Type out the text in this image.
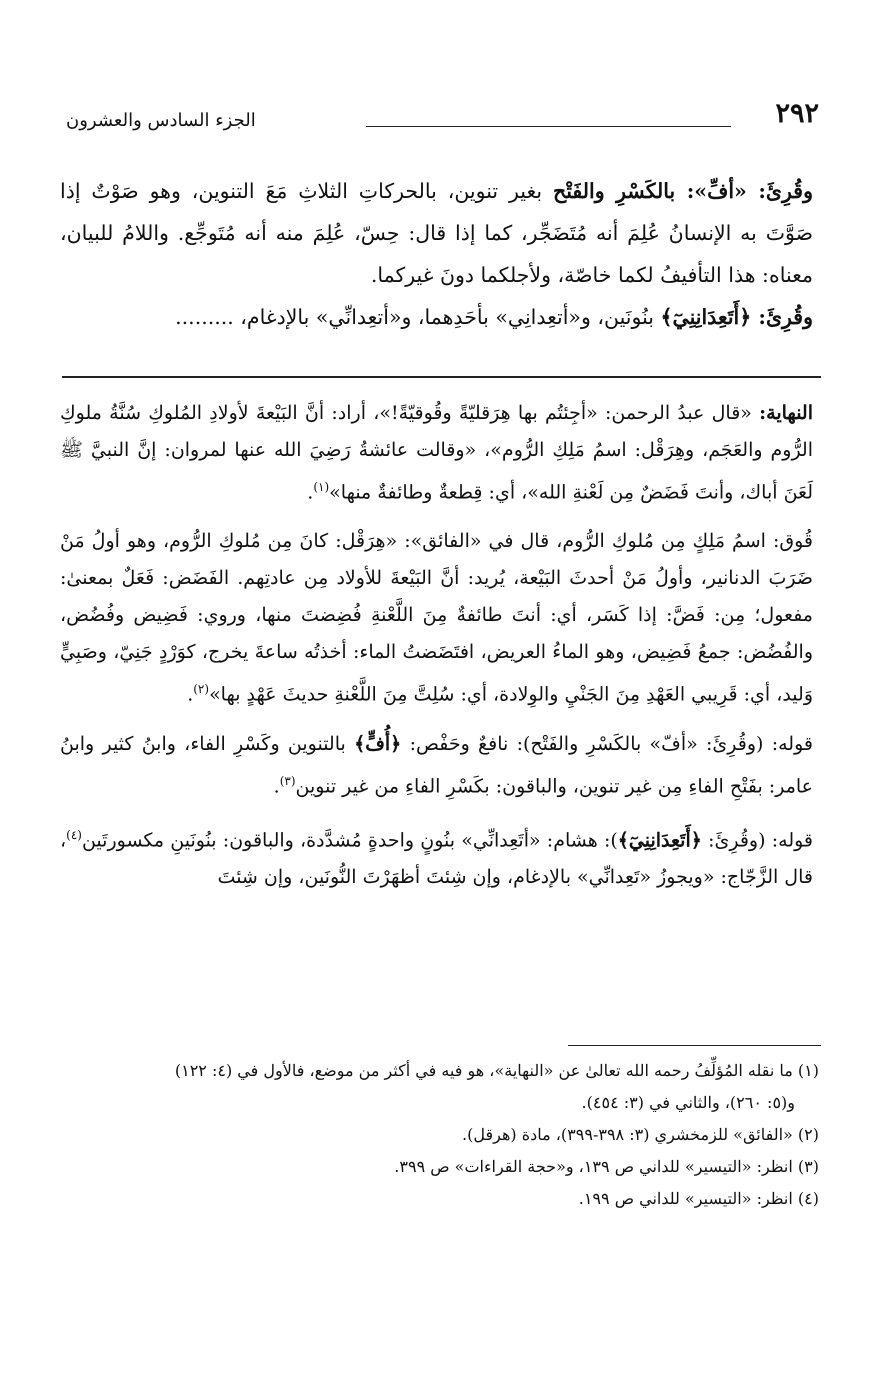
٢٩٢
الجزء السادس والعشرون

وقُرِئَ: «أفِّ»: بالكَسْرِ والفَتْح بغير تنوين، بالحركاتِ الثلاثِ مَعَ التنوين، وهو صَوْتٌ إذا صَوَّتَ به الإنسانُ عُلِمَ أنه مُتَضَجِّر، كما إذا قال: حِسّ، عُلِمَ منه أنه مُتَوجِّع. واللامُ للبيان، معناه: هذا التأفيفُ لكما خاصّة، ولأجلكما دونَ غيركما.

وقُرِئَ: ﴿أَتَعِدَانِنِيٓ﴾ بنُونَين، و«أتعِدانِي» بأحَدِهما، و«أتعِدانِّي» بالإدغام، .........

النهاية: «قال عبدُ الرحمن: «أجِئتُم بها هِرَقليّةً وقُوقيّةً!»، أراد: أنَّ البَيْعةَ لأولادِ المُلوكِ سُنَّةُ ملوكِ الرُّوم والعَجَم، وهِرَقْل: اسمُ مَلِكِ الرُّوم»، «وقالت عائشةُ رَضِيَ الله عنها لمروان: إنَّ النبيَّ ﷺ لَعَنَ أباك، وأنتَ فَضَضٌ مِن لَعْنةِ الله»، أي: قِطعةٌ وطائفةٌ منها»$^{(١)}$.

قُوق: اسمُ مَلِكٍ مِن مُلوكِ الرُّوم، قال في «الفائق»: «هِرَقْل: كانَ مِن مُلوكِ الرُّوم، وهو أولُ مَنْ ضَرَبَ الدنانير، وأولُ مَنْ أحدثَ البَيْعة، يُريد: أنَّ البَيْعةَ للأولاد مِن عادتِهم. الفَضَض: فَعَلٌ بمعنىٰ: مفعول؛ مِن: فَضَّ: إذا كَسَر، أي: أنتَ طائفةٌ مِنَ اللَّعْنةِ فُضِضتَ منها، وروي: فَضِيض وفُضُض، والفُضُض: جمعُ فَضِيض، وهو الماءُ العريض، افتَضَضتُ الماء: أخذتُه ساعةَ يخرج، كوَرْدٍ جَنِيّ، وصَبِيٍّ وَليد، أي: قَرِيبي العَهْدِ مِنَ الجَنْيِ والوِلادة، أي: سُلِتَّ مِنَ اللَّعْنةِ حديثَ عَهْدٍ بها»$^{(٢)}$.

قوله: (وقُرِئَ: «أفّ» بالكَسْرِ والفَتْح): نافعٌ وحَفْص: ﴿أُفٍّ﴾ بالتنوين وكَسْرِ الفاء، وابنُ كثير وابنُ عامر: بفَتْحِ الفاءِ مِن غير تنوين، والباقون: بكَسْرِ الفاءِ من غير تنوين$^{(٣)}$.

قوله: (وقُرِئَ: ﴿أَتَعِدَانِنِيٓ﴾): هشام: «أتَعِدانِّي» بنُونٍ واحدةٍ مُشدَّدة، والباقون: بنُونَينِ مكسورتَين$^{(٤)}$، قال الزَّجّاج: «ويجوزُ «تَعِدانِّي» بالإدغام، وإن شِئتَ أظهَرْتَ النُّونَين، وإن شِئتَ

(١) ما نقله المُؤلِّفُ رحمه الله تعالىٰ عن «النهاية»، هو فيه في أكثر من موضع، فالأول في (٤: ١٢٢)

و(٥: ٢٦٠)، والثاني في (٣: ٤٥٤).

(٢) «الفائق» للزمخشري (٣: ٣٩٨-٣٩٩)، مادة (هرقل).

(٣) انظر: «التيسير» للداني ص ١٣٩، و«حجة القراءات» ص ٣٩٩.

(٤) انظر: «التيسير» للداني ص ١٩٩.
